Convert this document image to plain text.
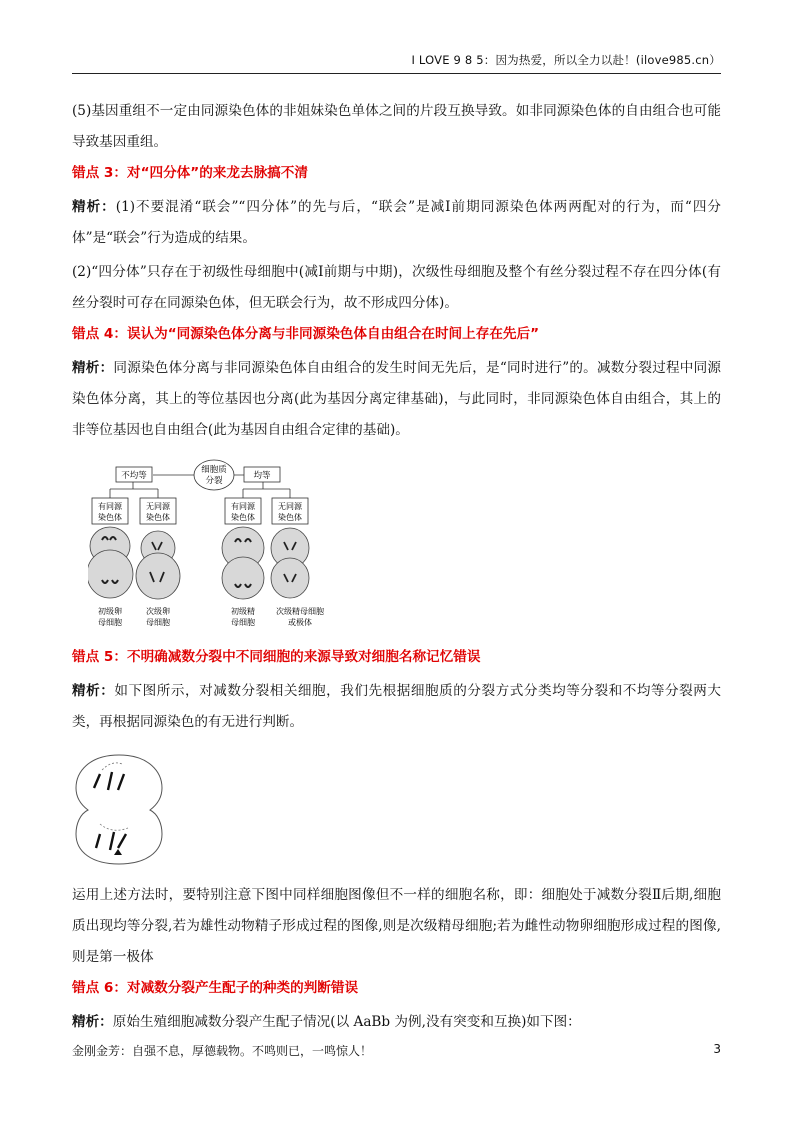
I LOVE 9 8 5：因为热爱，所以全力以赴！(ilove985.cn）

(5)基因重组不一定由同源染色体的非姐妹染色单体之间的片段互换导致。如非同源染色体的自由组合也可能导致基因重组。

错点 3：对“四分体”的来龙去脉搞不清

精析：(1)不要混淆“联会”“四分体”的先与后，“联会”是减Ⅰ前期同源染色体两两配对的行为，而“四分体”是“联会”行为造成的结果。

(2)“四分体”只存在于初级性母细胞中(减Ⅰ前期与中期)，次级性母细胞及整个有丝分裂过程不存在四分体(有丝分裂时可存在同源染色体，但无联会行为，故不形成四分体)。

错点 4：误认为“同源染色体分离与非同源染色体自由组合在时间上存在先后”

精析：同源染色体分离与非同源染色体自由组合的发生时间无先后，是“同时进行”的。减数分裂过程中同源染色体分离，其上的等位基因也分离(此为基因分离定律基础)，与此同时，非同源染色体自由组合，其上的非等位基因也自由组合(此为基因自由组合定律的基础)。

细胞质
分裂
不均等	均等
有同源
染色体
无同源
染色体
有同源
染色体
无同源
染色体
初级卵
母细胞
次级卵
母细胞
初级精
母细胞
次级精母细胞
或极体

错点 5：不明确减数分裂中不同细胞的来源导致对细胞名称记忆错误

精析：如下图所示，对减数分裂相关细胞，我们先根据细胞质的分裂方式分类均等分裂和不均等分裂两大类，再根据同源染色的有无进行判断。

运用上述方法时，要特别注意下图中同样细胞图像但不一样的细胞名称，即：细胞处于减数分裂Ⅱ后期,细胞质出现均等分裂,若为雄性动物精子形成过程的图像,则是次级精母细胞;若为雌性动物卵细胞形成过程的图像,则是第一极体

错点 6：对减数分裂产生配子的种类的判断错误

精析：原始生殖细胞减数分裂产生配子情况(以 AaBb 为例,没有突变和互换)如下图：

金刚金芳：自强不息，厚德载物。不鸣则已，一鸣惊人！	3
